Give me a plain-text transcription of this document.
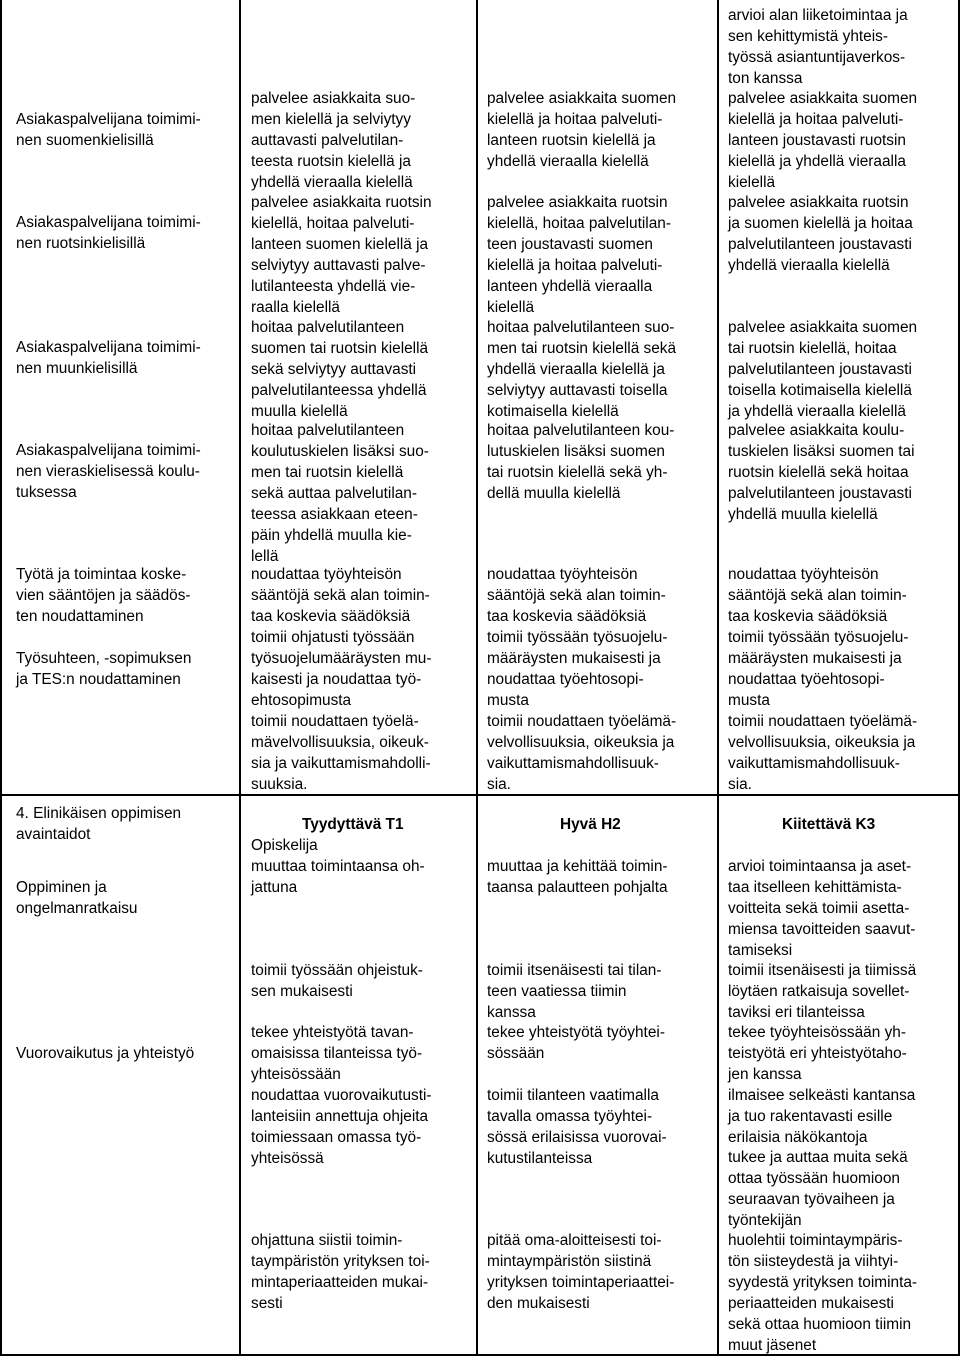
Asiakaspalvelijana toimimi-
nen suomenkielisillä
Asiakaspalvelijana toimimi-
nen ruotsinkielisillä
Asiakaspalvelijana toimimi-
nen muunkielisillä
Asiakaspalvelijana toimimi-
nen vieraskielisessä koulu-
tuksessa
Työtä ja toimintaa koske-
vien sääntöjen ja säädös-
ten noudattaminen
Työsuhteen, -sopimuksen
ja TES:n noudattaminen
palvelee asiakkaita suo-
men kielellä ja selviytyy
auttavasti palvelutilan-
teesta ruotsin kielellä ja
yhdellä vieraalla kielellä
palvelee asiakkaita ruotsin
kielellä, hoitaa palveluti-
lanteen suomen kielellä ja
selviytyy auttavasti palve-
lutilanteesta yhdellä vie-
raalla kielellä
hoitaa palvelutilanteen
suomen tai ruotsin kielellä
sekä selviytyy auttavasti
palvelutilanteessa yhdellä
muulla kielellä
hoitaa palvelutilanteen
koulutuskielen lisäksi suo-
men tai ruotsin kielellä
sekä auttaa palvelutilan-
teessa asiakkaan eteen-
päin yhdellä muulla kie-
lellä
noudattaa työyhteisön
sääntöjä sekä alan toimin-
taa koskevia säädöksiä
toimii ohjatusti työssään
työsuojelumääräysten mu-
kaisesti ja noudattaa työ-
ehtosopimusta
toimii noudattaen työelä-
mävelvollisuuksia, oikeuk-
sia ja vaikuttamismahdolli-
suuksia.
palvelee asiakkaita suomen
kielellä ja hoitaa palveluti-
lanteen ruotsin kielellä ja
yhdellä vieraalla kielellä
palvelee asiakkaita ruotsin
kielellä, hoitaa palvelutilan-
teen joustavasti suomen
kielellä ja hoitaa palveluti-
lanteen yhdellä vieraalla
kielellä
hoitaa palvelutilanteen suo-
men tai ruotsin kielellä sekä
yhdellä vieraalla kielellä ja
selviytyy auttavasti toisella
kotimaisella kielellä
hoitaa palvelutilanteen kou-
lutuskielen lisäksi suomen
tai ruotsin kielellä sekä yh-
dellä muulla kielellä
noudattaa työyhteisön
sääntöjä sekä alan toimin-
taa koskevia säädöksiä
toimii työssään työsuojelu-
määräysten mukaisesti ja
noudattaa työehtosopi-
musta
toimii noudattaen työelämä-
velvollisuuksia, oikeuksia ja
vaikuttamismahdollisuuk-
sia.
arvioi alan liiketoimintaa ja
sen kehittymistä yhteis-
työssä asiantuntijaverkos-
ton kanssa
palvelee asiakkaita suomen
kielellä ja hoitaa palveluti-
lanteen joustavasti ruotsin
kielellä ja yhdellä vieraalla
kielellä
palvelee asiakkaita ruotsin
ja suomen kielellä ja hoitaa
palvelutilanteen joustavasti
yhdellä vieraalla kielellä
palvelee asiakkaita suomen
tai ruotsin kielellä, hoitaa
palvelutilanteen joustavasti
toisella kotimaisella kielellä
ja yhdellä vieraalla kielellä
palvelee asiakkaita koulu-
tuskielen lisäksi suomen tai
ruotsin kielellä sekä hoitaa
palvelutilanteen joustavasti
yhdellä muulla kielellä
noudattaa työyhteisön
sääntöjä sekä alan toimin-
taa koskevia säädöksiä
toimii työssään työsuojelu-
määräysten mukaisesti ja
noudattaa työehtosopi-
musta
toimii noudattaen työelämä-
velvollisuuksia, oikeuksia ja
vaikuttamismahdollisuuk-
sia.
4. Elinikäisen oppimisen
avaintaidot
Tyydyttävä T1	Hyvä H2	Kiitettävä K3
Opiskelija
Oppiminen ja
ongelmanratkaisu
Vuorovaikutus ja yhteistyö
muuttaa toimintaansa oh-
jattuna
toimii työssään ohjeistuk-
sen mukaisesti
tekee yhteistyötä tavan-
omaisissa tilanteissa työ-
yhteisössään
noudattaa vuorovaikutusti-
lanteisiin annettuja ohjeita
toimiessaan omassa työ-
yhteisössä
ohjattuna siistii toimin-
taympäristön yrityksen toi-
mintaperiaatteiden mukai-
sesti
muuttaa ja kehittää toimin-
taansa palautteen pohjalta
toimii itsenäisesti tai tilan-
teen vaatiessa tiimin
kanssa
tekee yhteistyötä työyhtei-
sössään
toimii tilanteen vaatimalla
tavalla omassa työyhtei-
sössä erilaisissa vuorovai-
kutustilanteissa
pitää oma-aloitteisesti toi-
mintaympäristön siistinä
yrityksen toimintaperiaattei-
den mukaisesti
arvioi toimintaansa ja aset-
taa itselleen kehittämista-
voitteita sekä toimii asetta-
miensa tavoitteiden saavut-
tamiseksi
toimii itsenäisesti ja tiimissä
löytäen ratkaisuja sovellet-
taviksi eri tilanteissa
tekee työyhteisössään yh-
teistyötä eri yhteistyötaho-
jen kanssa
ilmaisee selkeästi kantansa
ja tuo rakentavasti esille
erilaisia näkökantoja
tukee ja auttaa muita sekä
ottaa työssään huomioon
seuraavan työvaiheen ja
työntekijän
huolehtii toimintaympäris-
tön siisteydestä ja viihtyi-
syydestä yrityksen toiminta-
periaatteiden mukaisesti
sekä ottaa huomioon tiimin
muut jäsenet
